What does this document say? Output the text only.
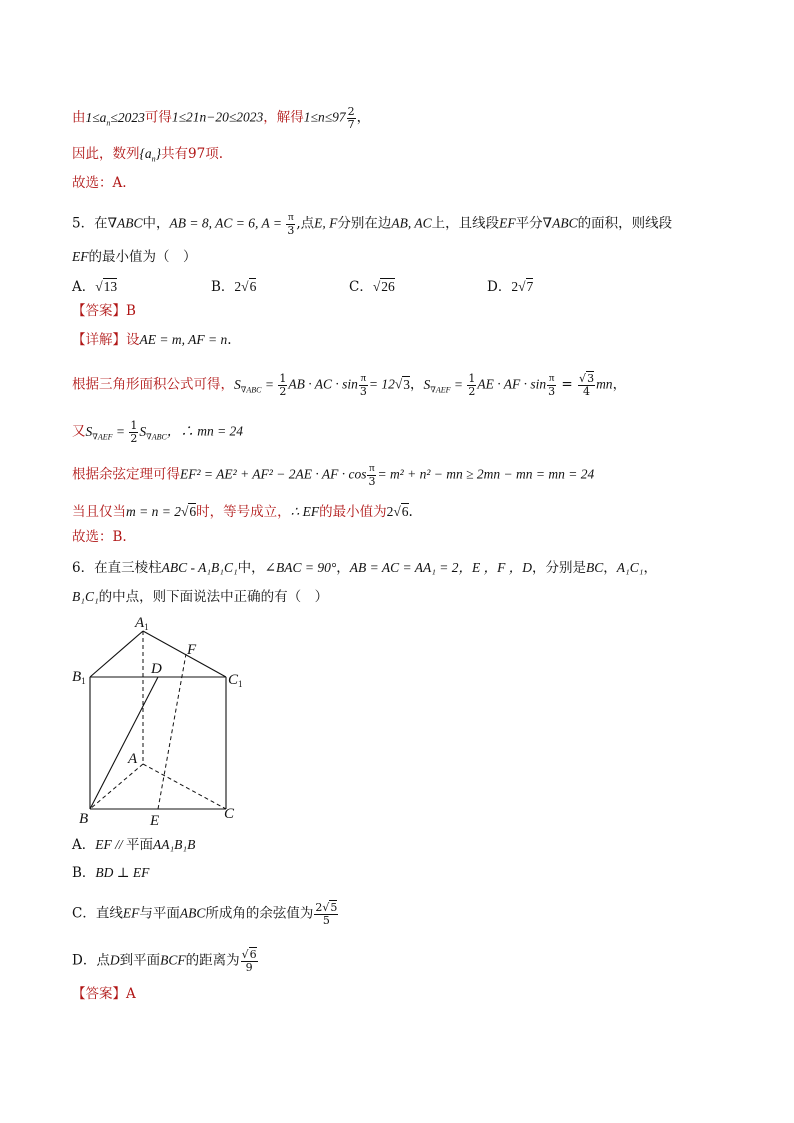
由$1\le a_n\le 2023$可得1≤21n−20≤2023，解得$1\le n\le 97 \frac{2}{7}$ ，
因此，数列$\{a_n\}$共有97项.
故选：A.
5．在∇ABC中，AB = 8, AC = 6, $A = \frac{\pi}{3}$ ,点E, F分别在边AB, AC上，且线段EF平分∇ABC的面积，则线段
EF的最小值为（　）
A．√13	B．2√6	C．√26	D．2√7
【答案】B
【详解】设AE = m, AF = n.
根据三角形面积公式可得，$S_{\nabla ABC} = \frac{1}{2}$ AB · AC · $\sin \frac{\pi}{3} = 12√3$，$S_{\nabla AEF} = \frac{1}{2}$ AE · AF · $\sin \frac{\pi}{3} = \frac{√3}{4}$ mn，
又$S_{\nabla AEF} = \frac{1}{2} S_{\nabla ABC}$，∴ mn = 24
根据余弦定理可得EF² = AE² + AF² − 2AE · AF · $\cos \frac{\pi}{3} = m^2 + n^2$ − mn ≥ 2mn − mn = mn = 24
当且仅当m = n = 2√6时，等号成立，∴ EF的最小值为2√6.
故选：B.
6．在直三棱柱ABC - A₁B₁C₁中，∠BAC = 90°，AB = AC = AA₁ = 2，E ，F ，D，分别是BC，A₁C₁，
B₁C₁的中点，则下面说法中正确的有（　）
$A_1$
$B_1$	$C_1$
D
F
A
B	C
E
A．EF // 平面AA₁B₁B
B．BD ⊥ EF
C．直线EF与平面ABC所成角的余弦值为 $\frac{2√5}{5}$
D．点D到平面BCF的距离为 $\frac{√6}{9}$
【答案】A
